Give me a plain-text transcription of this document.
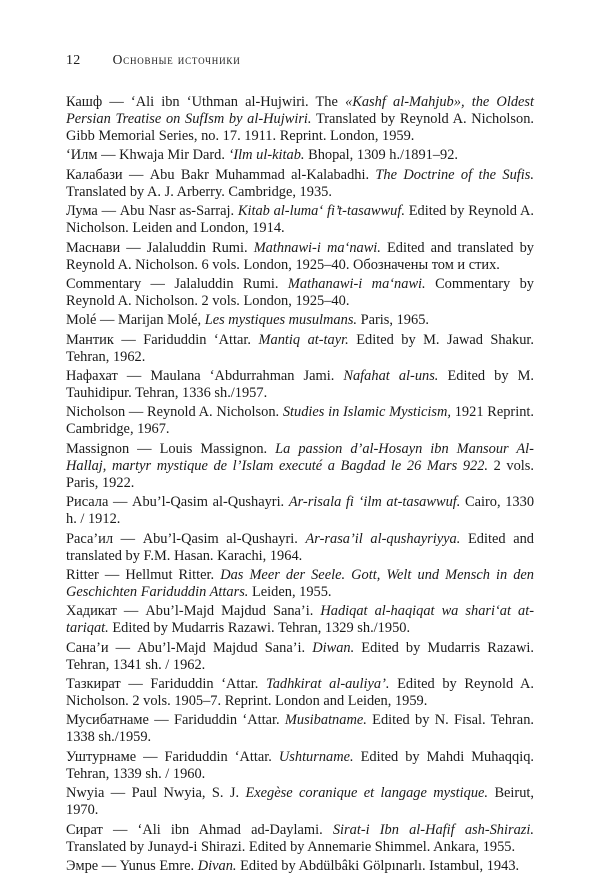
12 Основные источники

Кашф — ‘Ali ibn ‘Uthman al-Hujwiri. The «Kashf al-Mahjub», the Oldest Persian Treatise on SufIsm by al-Hujwiri. Translated by Reynold A. Nicholson. Gibb Memorial Series, no. 17. 1911. Reprint. London, 1959.

‘Илм — Khwaja Mir Dard. ‘Ilm ul-kitab. Bhopal, 1309 h./1891–92.

Калабази — Abu Bakr Muhammad al-Kalabadhi. The Doctrine of the Sufis. Translated by A. J. Arberry. Cambridge, 1935.

Лума — Abu Nasr as-Sarraj. Kitab al-luma‘ fi’t-tasawwuf. Edited by Reynold A. Nicholson. Leiden and London, 1914.

Маснави — Jalaluddin Rumi. Mathnawi-i ma‘nawi. Edited and translated by Reynold A. Nicholson. 6 vols. London, 1925–40. Обозначены том и стих.

Commentary — Jalaluddin Rumi. Mathanawi-i ma‘nawi. Commentary by Reynold A. Nicholson. 2 vols. London, 1925–40.

Molé — Marijan Molé, Les mystiques musulmans. Paris, 1965.

Мантик — Fariduddin ‘Attar. Mantiq at-tayr. Edited by M. Jawad Shakur. Tehran, 1962.

Нафахат — Maulana ‘Abdurrahman Jami. Nafahat al-uns. Edited by M. Tauhidipur. Tehran, 1336 sh./1957.

Nicholson — Reynold A. Nicholson. Studies in Islamic Mysticism, 1921 Reprint. Cambridge, 1967.

Massignon — Louis Massignon. La passion d’al-Hosayn ibn Mansour Al-Hallaj, martyr mystique de l’Islam executé a Bagdad le 26 Mars 922. 2 vols. Paris, 1922.

Рисала — Abu’l-Qasim al-Qushayri. Ar-risala fi ‘ilm at-tasawwuf. Cairo, 1330 h. / 1912.

Раса’ил — Abu’l-Qasim al-Qushayri. Ar-rasa’il al-qushayriyya. Edited and translated by F.M. Hasan. Karachi, 1964.

Ritter — Hellmut Ritter. Das Meer der Seele. Gott, Welt und Mensch in den Geschichten Fariduddin Attars. Leiden, 1955.

Хадикат — Abu’l-Majd Majdud Sana’i. Hadiqat al-haqiqat wa shari‘at at-tariqat. Edited by Mudarris Razawi. Tehran, 1329 sh./1950.

Сана’и — Abu’l-Majd Majdud Sana’i. Diwan. Edited by Mudarris Razawi. Tehran, 1341 sh. / 1962.

Тазкират — Fariduddin ‘Attar. Tadhkirat al-auliya’. Edited by Reynold A. Nicholson. 2 vols. 1905–7. Reprint. London and Leiden, 1959.

Мусибатнаме — Fariduddin ‘Attar. Musibatname. Edited by N. Fisal. Tehran. 1338 sh./1959.

Уштурнаме — Fariduddin ‘Attar. Ushturname. Edited by Mahdi Muhaqqiq. Tehran, 1339 sh. / 1960.

Nwyia — Paul Nwyia, S. J. Exegèse coranique et langage mystique. Beirut, 1970.

Сират — ‘Ali ibn Ahmad ad-Daylami. Sirat-i Ibn al-Hafif ash-Shirazi. Translated by Junayd-i Shirazi. Edited by Annemarie Shimmel. Ankara, 1955.

Эмре — Yunus Emre. Divan. Edited by Abdülbâki Gölpınarlı. Istambul, 1943.
